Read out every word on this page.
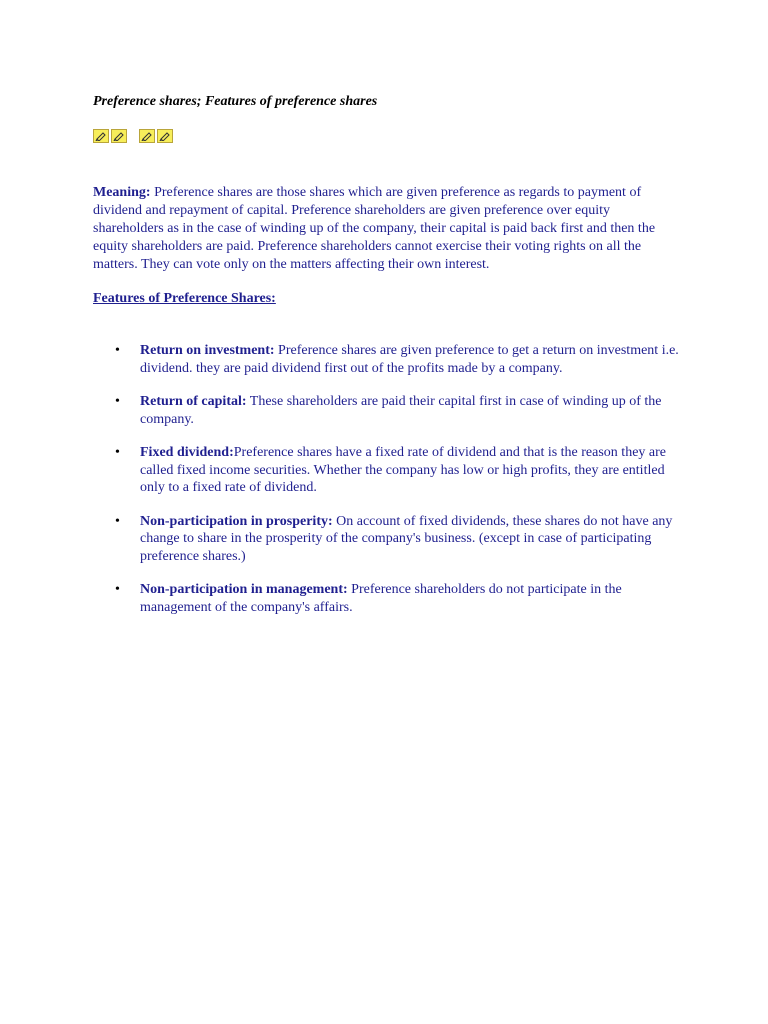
Preference shares; Features of preference shares

Meaning: Preference shares are those shares which are given preference as regards to payment of dividend and repayment of capital. Preference shareholders are given preference over equity shareholders as in the case of winding up of the company, their capital is paid back first and then the equity shareholders are paid. Preference shareholders cannot exercise their voting rights on all the matters. They can vote only on the matters affecting their own interest.

Features of Preference Shares:
• Return on investment: Preference shares are given preference to get a return on investment i.e. dividend. they are paid dividend first out of the profits made by a company.
• Return of capital: These shareholders are paid their capital first in case of winding up of the company.
• Fixed dividend:Preference shares have a fixed rate of dividend and that is the reason they are called fixed income securities. Whether the company has low or high profits, they are entitled only to a fixed rate of dividend.
• Non-participation in prosperity: On account of fixed dividends, these shares do not have any change to share in the prosperity of the company's business. (except in case of participating preference shares.)
• Non-participation in management: Preference shareholders do not participate in the management of the company's affairs.
